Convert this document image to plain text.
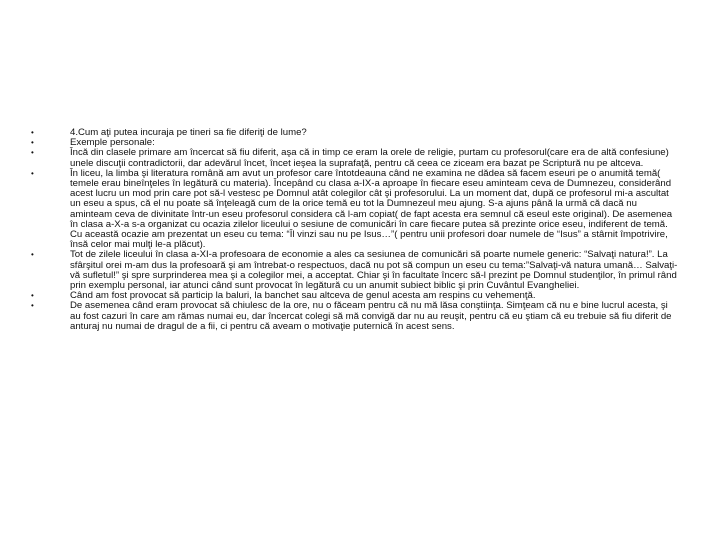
•	4.Cum aţi putea incuraja pe tineri sa fie diferiţi de lume?
•	Exemple personale:
•	Încă din clasele primare am încercat să fiu diferit, aşa că in timp ce eram la orele de religie, purtam cu profesorul(care era de altă confesiune) unele discuţii contradictorii, dar adevărul încet, încet ieşea la suprafaţă, pentru că ceea ce ziceam era bazat pe Scriptură nu pe altceva.
•	În liceu, la limba şi literatura română am avut un profesor care întotdeauna când ne examina ne dădea să facem eseuri pe o anumită temă( temele erau bineînţeles în legătură cu materia). Începând cu clasa a-IX-a aproape în fiecare eseu aminteam ceva de Dumnezeu, considerând acest lucru un mod prin care pot să-l vestesc pe Domnul atât colegilor cât şi profesorului. La un moment dat, după ce profesorul mi-a ascultat un eseu a spus, că el nu poate să înţeleagă cum de la orice temă eu tot la Dumnezeul meu ajung. S-a ajuns până la urmă că dacă nu aminteam ceva de divinitate într-un eseu profesorul considera că l-am copiat( de fapt acesta era semnul că eseul este original). De asemenea în clasa a-X-a s-a organizat cu ocazia zilelor liceului o sesiune de comunicări în care fiecare putea să prezinte orice eseu, indiferent de temă. Cu această ocazie am prezentat un eseu cu tema: “Îl vinzi sau nu pe Isus…”( pentru unii profesori doar numele de “Isus” a stârnit împotrivire, însă celor mai mulţi le-a plăcut).
•	Tot de zilele liceului în clasa a-XI-a profesoara de economie a ales ca sesiunea de comunicări să poarte numele generic: “Salvaţi natura!”. La sfârşitul orei m-am dus la profesoară şi am întrebat-o respectuos, dacă nu pot să compun un eseu cu tema:”Salvaţi-vă natura umană… Salvaţi-vă sufletul!” şi spre surprinderea mea şi a colegilor mei, a acceptat. Chiar şi în facultate încerc să-l prezint pe Domnul studenţilor, în primul rând prin exemplu personal, iar atunci când sunt provocat în legătură cu un anumit subiect biblic şi prin Cuvântul Evangheliei.
•	Când am fost provocat să particip la baluri, la banchet sau altceva de genul acesta am respins cu vehemenţă.
•	De asemenea când eram provocat să chiulesc de la ore, nu o făceam pentru că nu mă lăsa conştiinţa. Simţeam că nu e bine lucrul acesta, şi au fost cazuri în care am rămas numai eu, dar încercat colegi să mă convigă dar nu au reuşit, pentru că eu ştiam că eu trebuie să fiu diferit de anturaj nu numai de dragul de a fii, ci pentru că aveam o motivaţie puternică în acest sens.
